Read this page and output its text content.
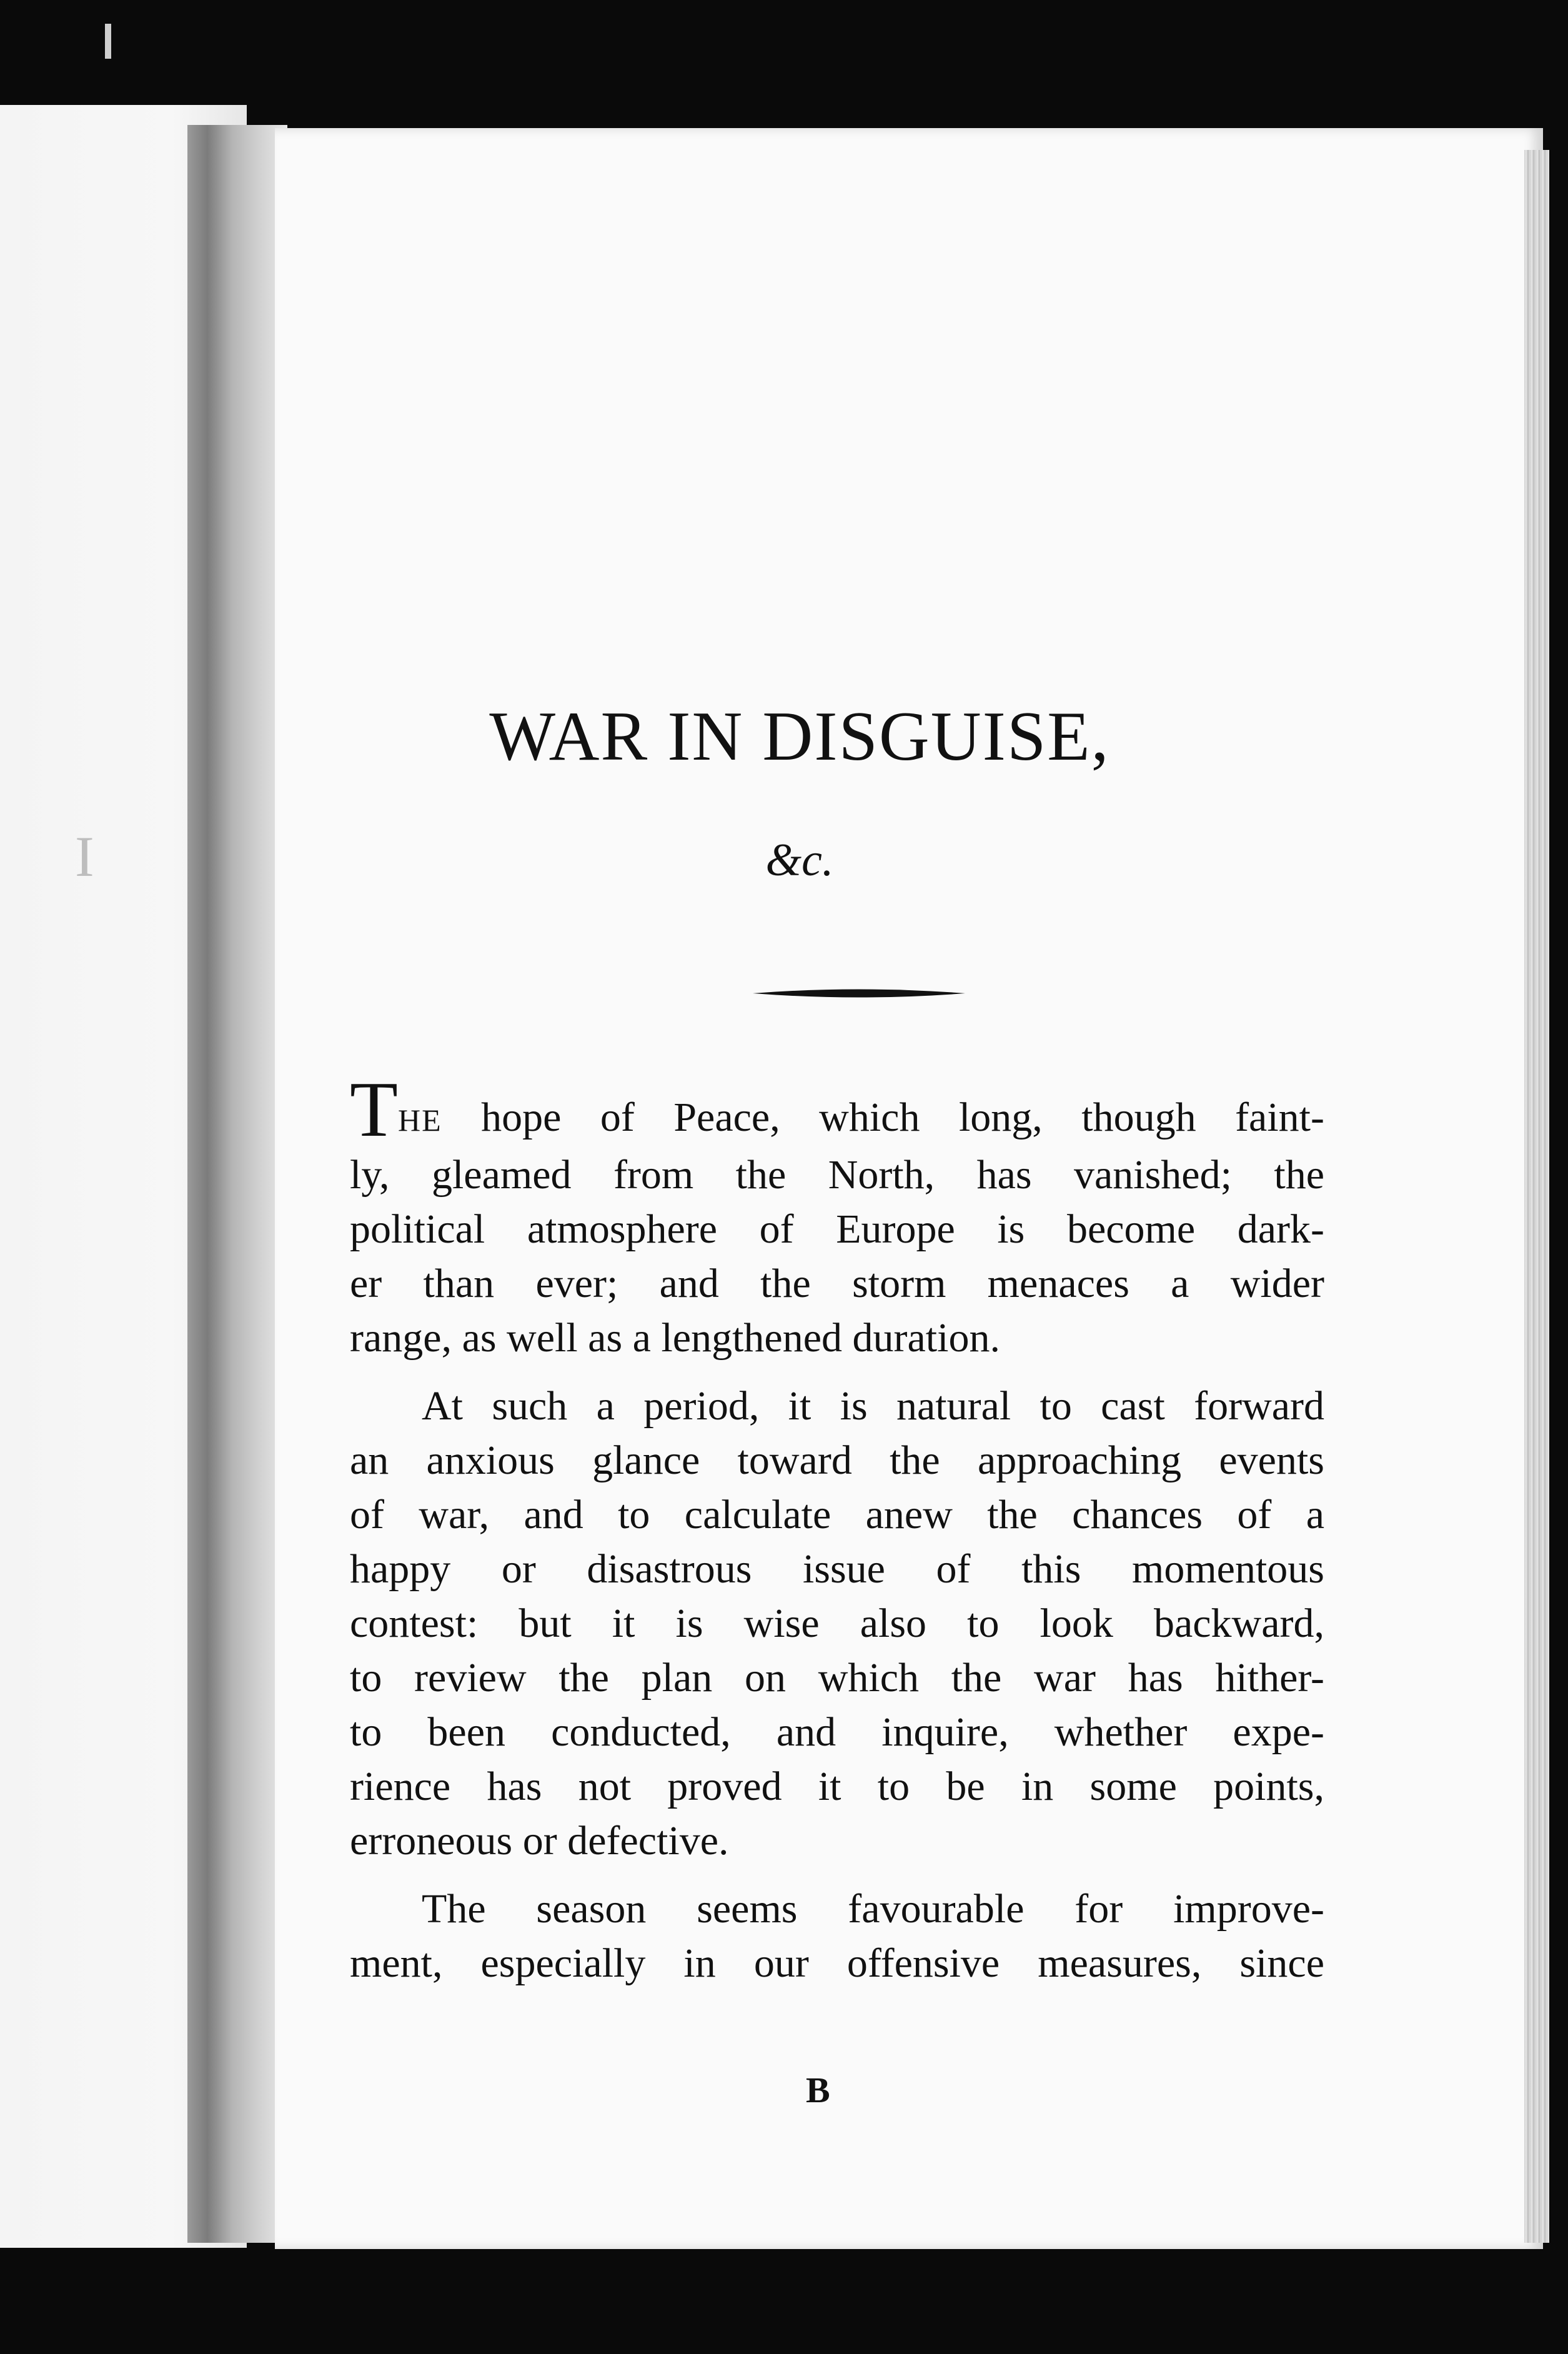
I
WAR IN DISGUISE,
&c.
THE hope of Peace, which long, though faint-
ly, gleamed from the North, has vanished; the
political atmosphere of Europe is become dark-
er than ever; and the storm menaces a wider
range, as well as a lengthened duration.
At such a period, it is natural to cast forward
an anxious glance toward the approaching events
of war, and to calculate anew the chances of a
happy or disastrous issue of this momentous
contest: but it is wise also to look backward,
to review the plan on which the war has hither-
to been conducted, and inquire, whether expe-
rience has not proved it to be in some points,
erroneous or defective.
The season seems favourable for improve-
ment, especially in our offensive measures, since
B
